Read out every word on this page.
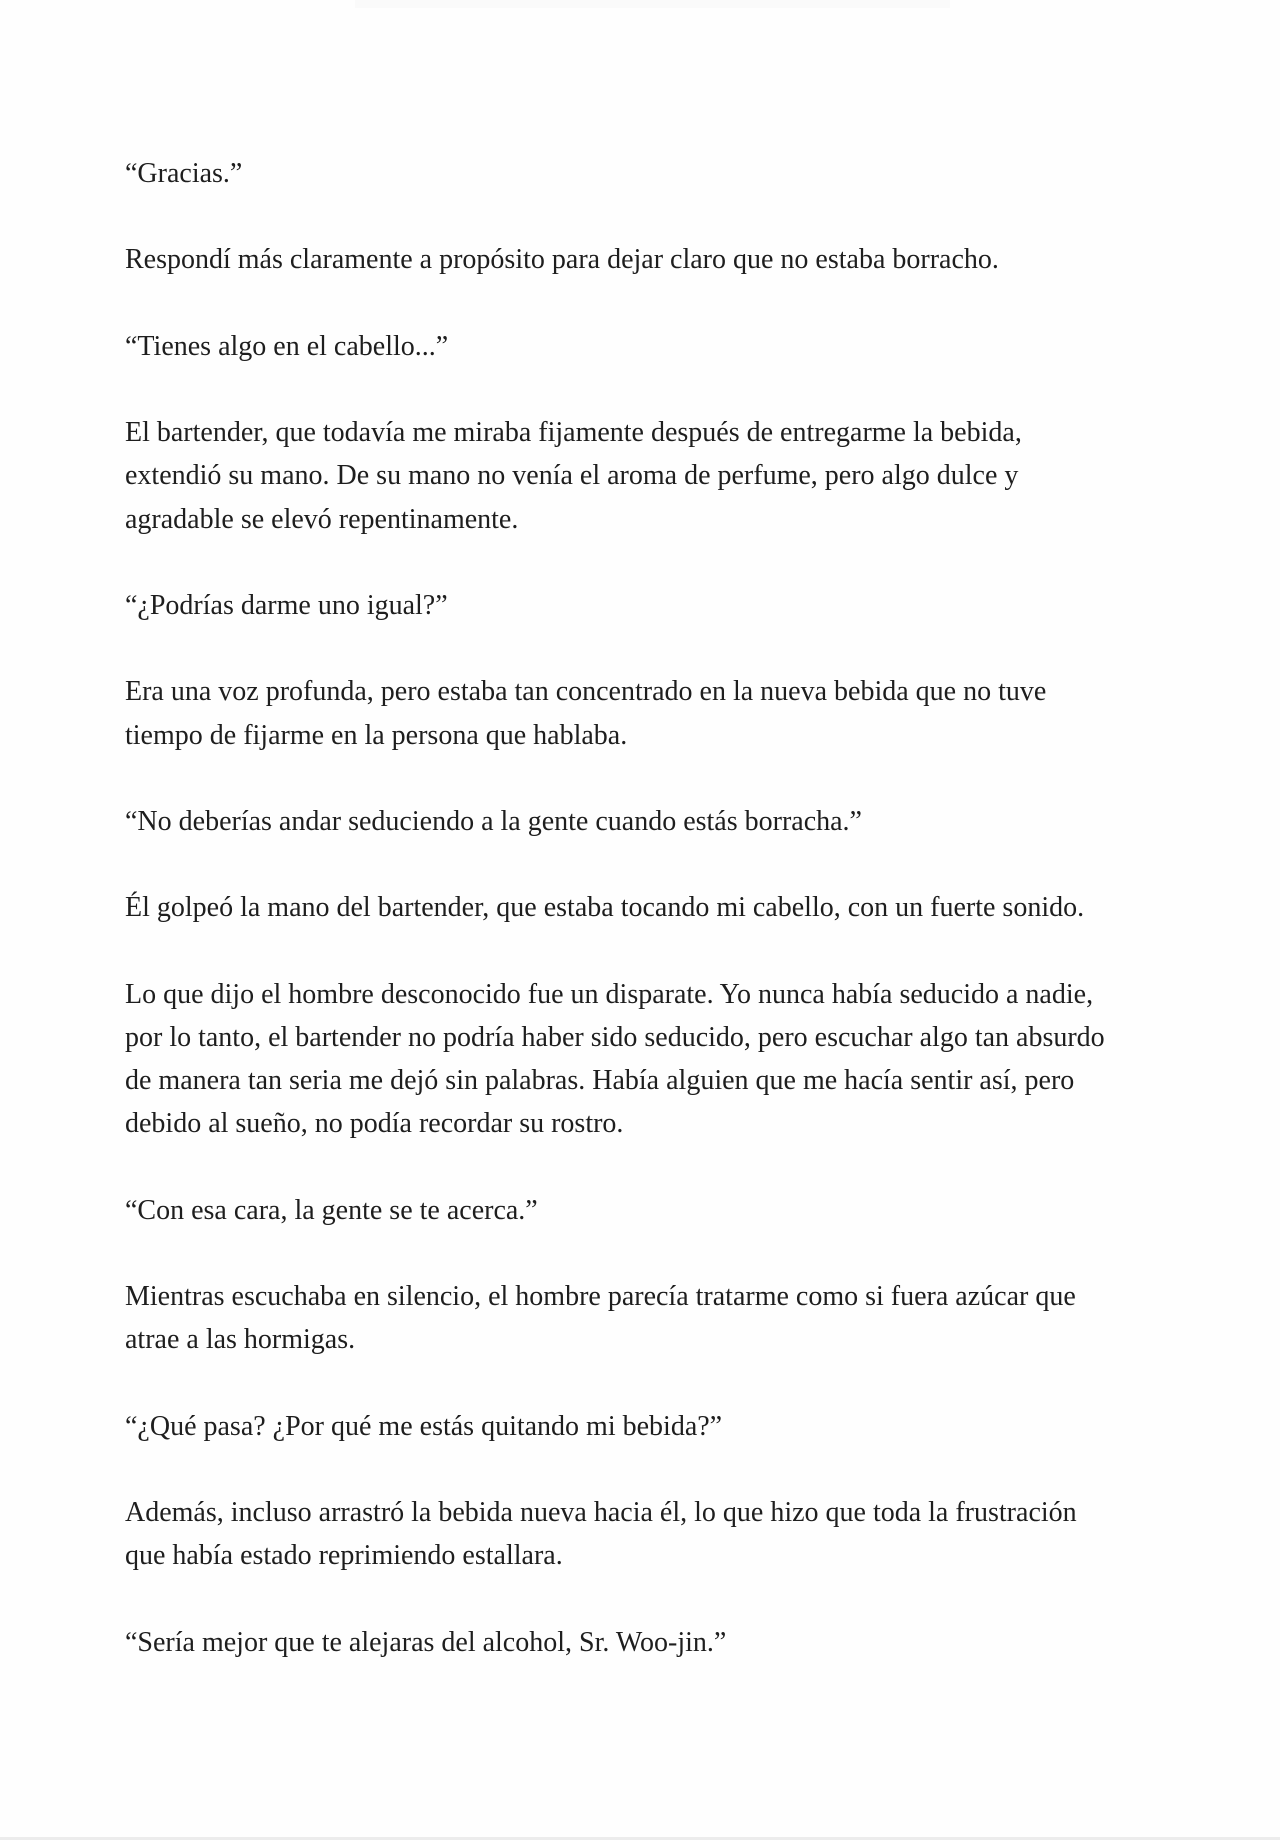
“Gracias.”

Respondí más claramente a propósito para dejar claro que no estaba borracho.

“Tienes algo en el cabello...”

El bartender, que todavía me miraba fijamente después de entregarme la bebida,
extendió su mano. De su mano no venía el aroma de perfume, pero algo dulce y
agradable se elevó repentinamente.

“¿Podrías darme uno igual?”

Era una voz profunda, pero estaba tan concentrado en la nueva bebida que no tuve
tiempo de fijarme en la persona que hablaba.

“No deberías andar seduciendo a la gente cuando estás borracha.”

Él golpeó la mano del bartender, que estaba tocando mi cabello, con un fuerte sonido.

Lo que dijo el hombre desconocido fue un disparate. Yo nunca había seducido a nadie,
por lo tanto, el bartender no podría haber sido seducido, pero escuchar algo tan absurdo
de manera tan seria me dejó sin palabras. Había alguien que me hacía sentir así, pero
debido al sueño, no podía recordar su rostro.

“Con esa cara, la gente se te acerca.”

Mientras escuchaba en silencio, el hombre parecía tratarme como si fuera azúcar que
atrae a las hormigas.

“¿Qué pasa? ¿Por qué me estás quitando mi bebida?”

Además, incluso arrastró la bebida nueva hacia él, lo que hizo que toda la frustración
que había estado reprimiendo estallara.

“Sería mejor que te alejaras del alcohol, Sr. Woo-jin.”
